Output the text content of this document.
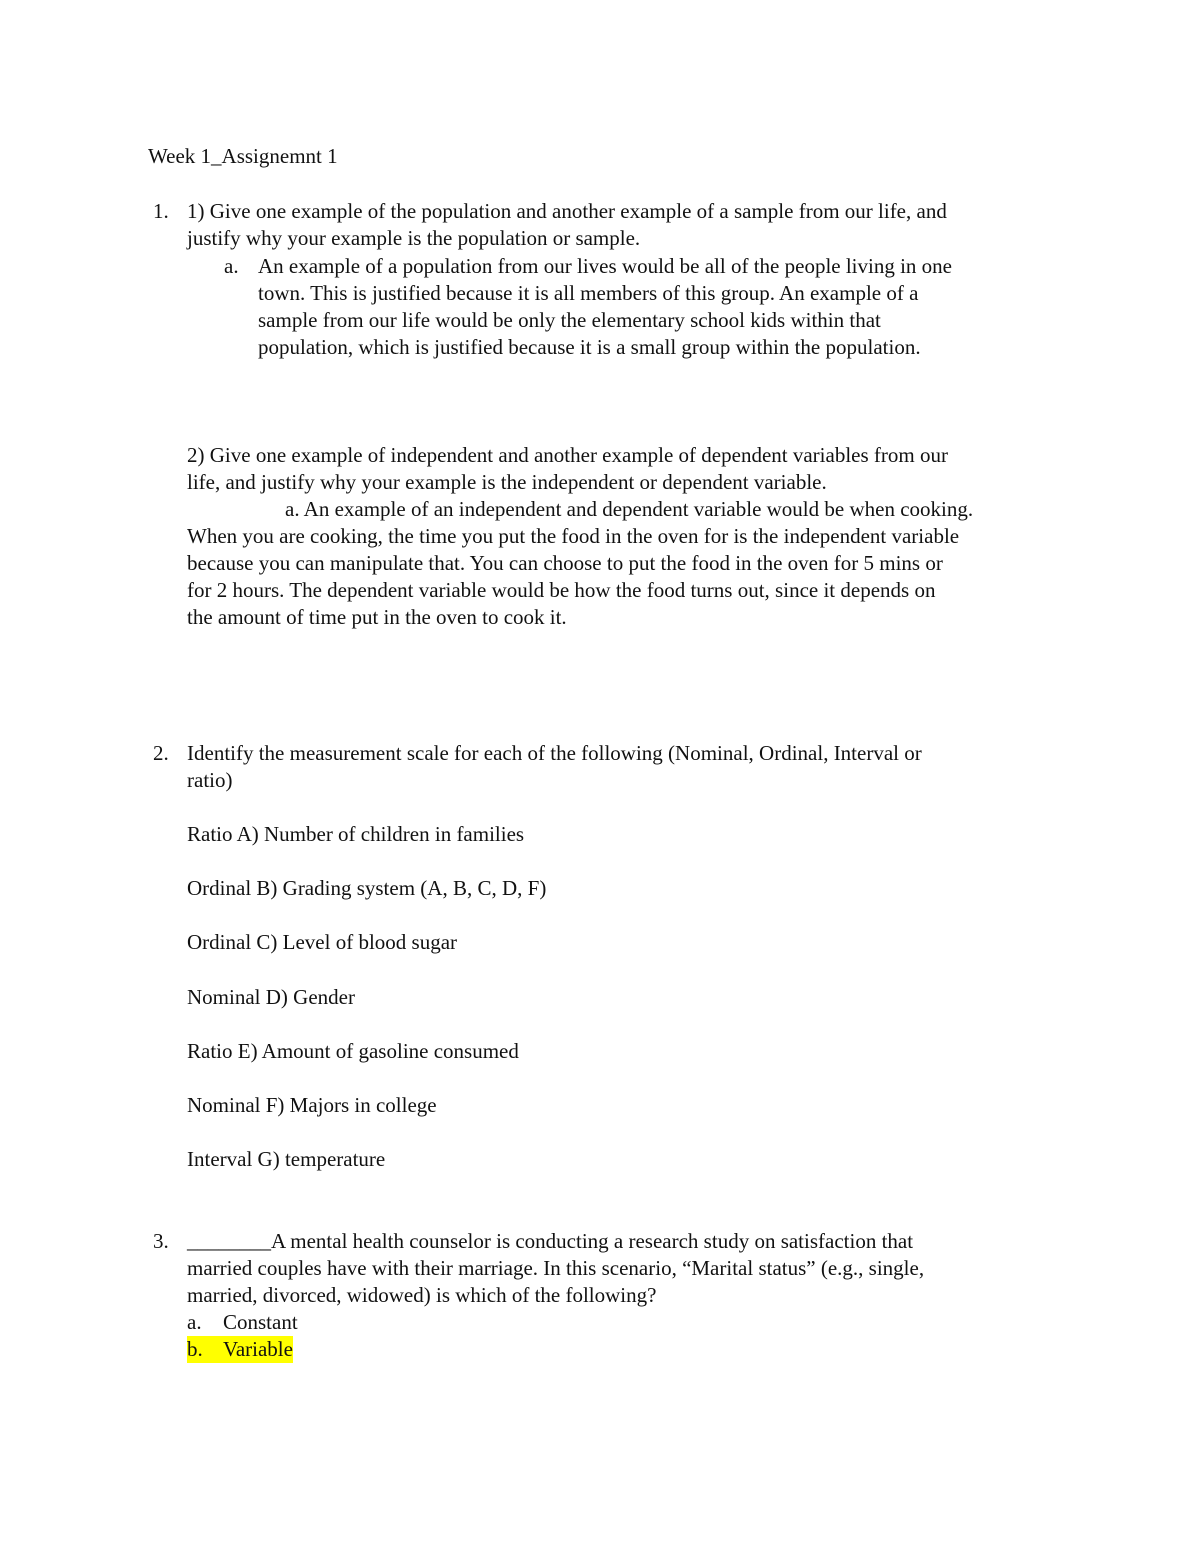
Week 1_Assignemnt 1
1. 1) Give one example of the population and another example of a sample from our life, and
justify why your example is the population or sample.
a. An example of a population from our lives would be all of the people living in one
town. This is justified because it is all members of this group. An example of a
sample from our life would be only the elementary school kids within that
population, which is justified because it is a small group within the population.
2) Give one example of independent and another example of dependent variables from our
life, and justify why your example is the independent or dependent variable.
a. An example of an independent and dependent variable would be when cooking.
When you are cooking, the time you put the food in the oven for is the independent variable
because you can manipulate that. You can choose to put the food in the oven for 5 mins or
for 2 hours. The dependent variable would be how the food turns out, since it depends on
the amount of time put in the oven to cook it.
2. Identify the measurement scale for each of the following (Nominal, Ordinal, Interval or
ratio)
Ratio A) Number of children in families
Ordinal B) Grading system (A, B, C, D, F)
Ordinal C) Level of blood sugar
Nominal D) Gender
Ratio E) Amount of gasoline consumed
Nominal F) Majors in college
Interval G) temperature
3. ________A mental health counselor is conducting a research study on satisfaction that
married couples have with their marriage. In this scenario, “Marital status” (e.g., single,
married, divorced, widowed) is which of the following?
a. Constant
b. Variable
